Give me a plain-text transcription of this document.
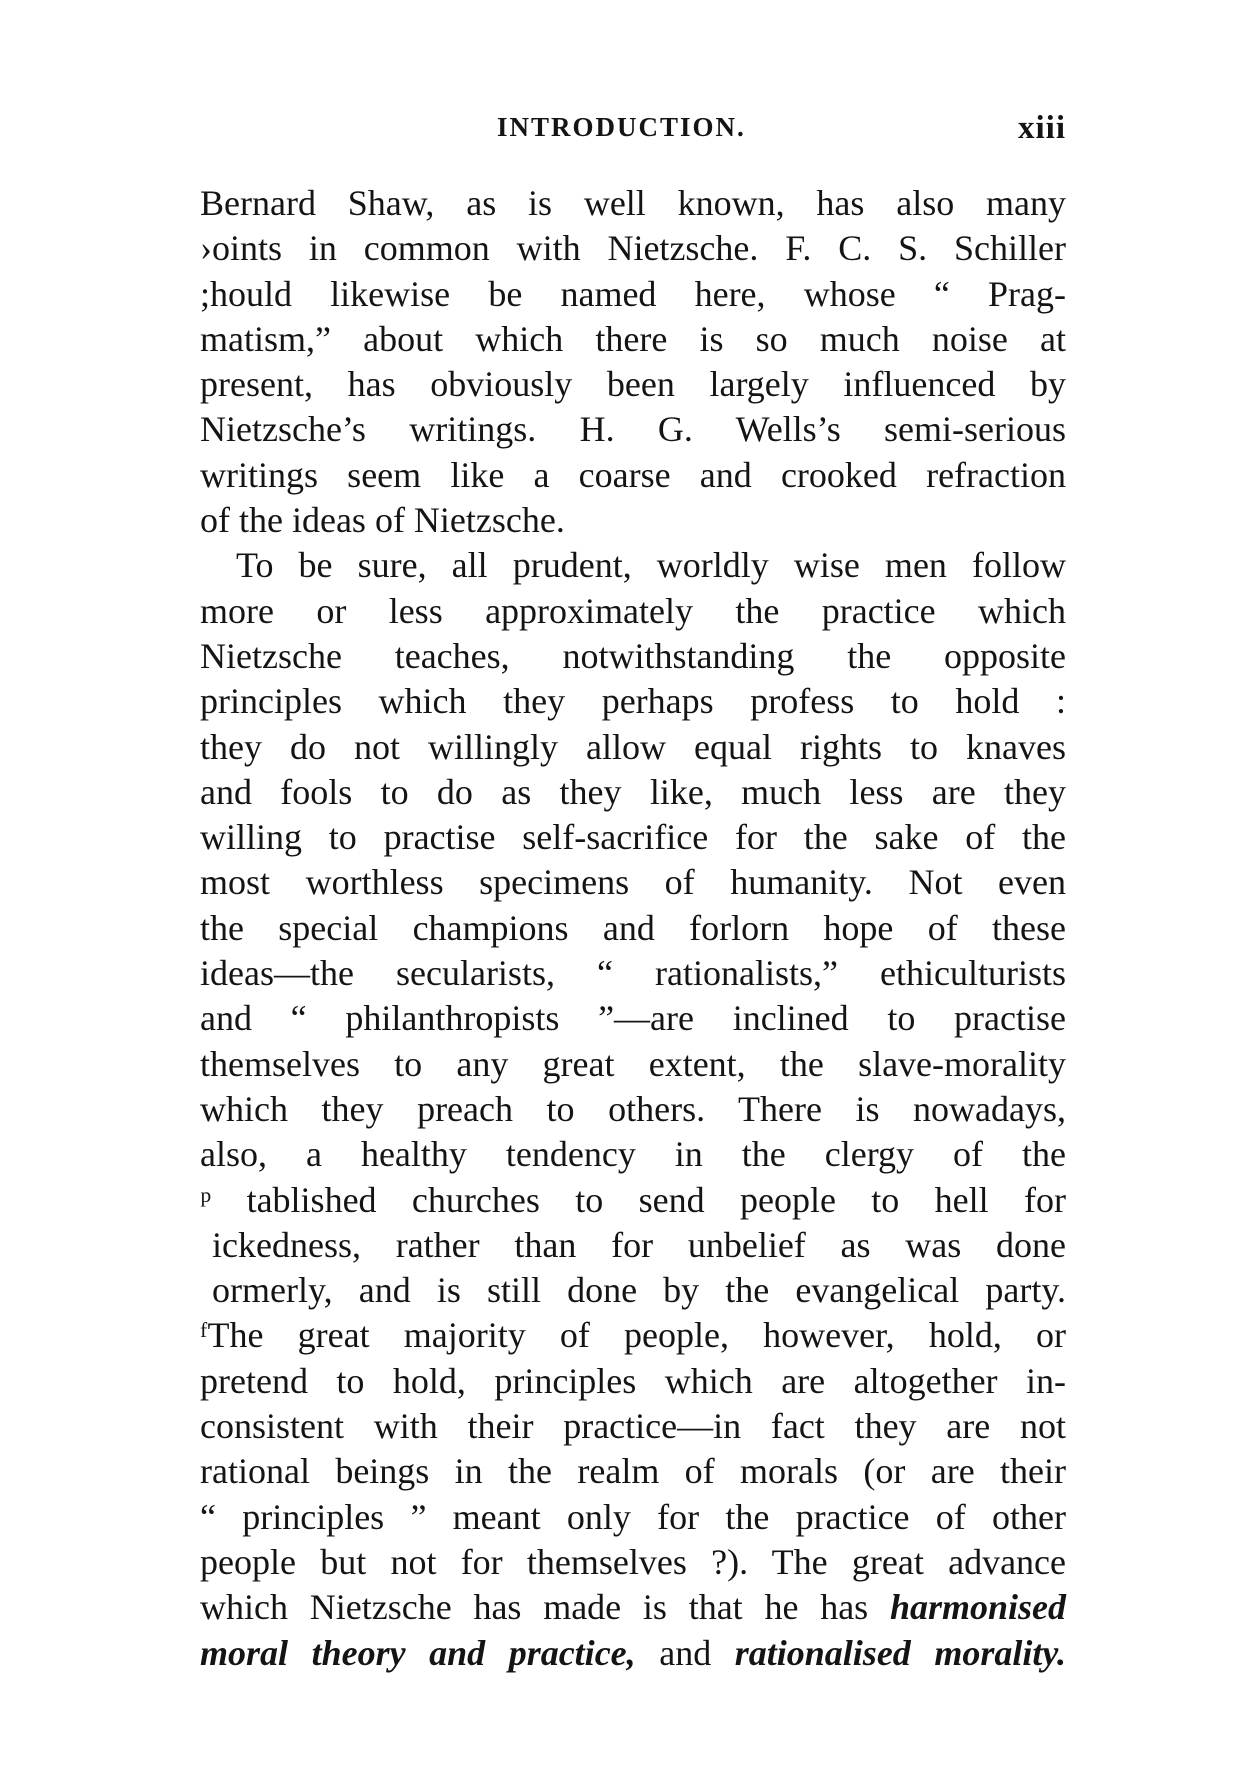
INTRODUCTION.	xiii
Bernard Shaw, as is well known, has also many
›oints in common with Nietzsche. F. C. S. Schiller
;hould likewise be named here, whose “ Prag-
matism,” about which there is so much noise at
present, has obviously been largely influenced by
Nietzsche’s writings. H. G. Wells’s semi-serious
writings seem like a coarse and crooked refraction
of the ideas of Nietzsche.
To be sure, all prudent, worldly wise men follow
more or less approximately the practice which
Nietzsche teaches, notwithstanding the opposite
principles which they perhaps profess to hold :
they do not willingly allow equal rights to knaves
and fools to do as they like, much less are they
willing to practise self-sacrifice for the sake of the
most worthless specimens of humanity. Not even
the special champions and forlorn hope of these
ideas—the secularists, “ rationalists,” ethiculturists
and “ philanthropists ”—are inclined to practise
themselves to any great extent, the slave-morality
which they preach to others. There is nowadays,
also, a healthy tendency in the clergy of the
ᵖ tablished churches to send people to hell for
ickedness, rather than for unbelief as was done
ormerly, and is still done by the evangelical party.
ᶠThe great majority of people, however, hold, or
pretend to hold, principles which are altogether in-
consistent with their practice—in fact they are not
rational beings in the realm of morals (or are their
“ principles ” meant only for the practice of other
people but not for themselves ?). The great advance
which Nietzsche has made is that he has harmonised
moral theory and practice, and rationalised morality.
